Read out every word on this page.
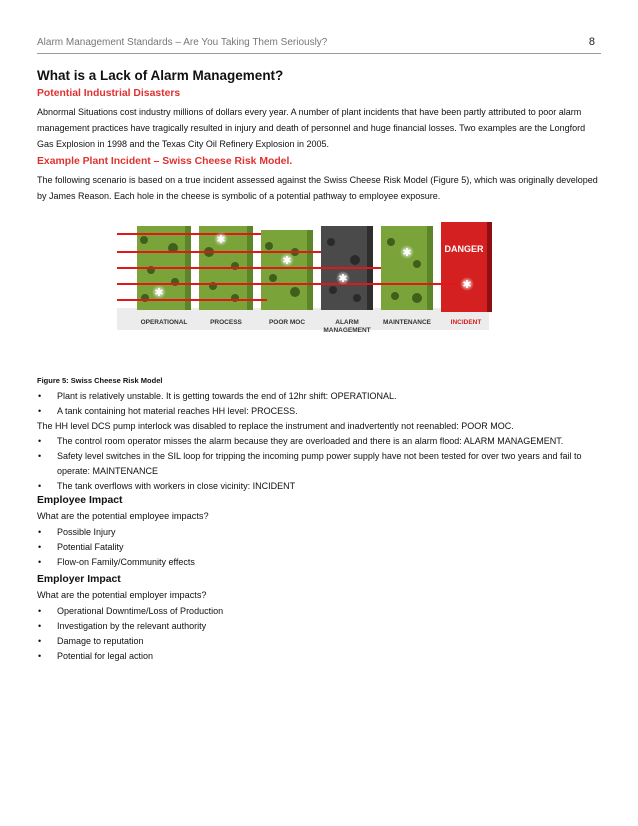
Alarm Management Standards – Are You Taking Them Seriously?	8
What is a Lack of Alarm Management?
Potential Industrial Disasters

Abnormal Situations cost industry millions of dollars every year. A number of plant incidents that have been partly attributed to poor alarm management practices have tragically resulted in injury and death of personnel and huge financial losses. Two examples are the Longford Gas Explosion in 1998 and the Texas City Oil Refinery Explosion in 2005.

Example Plant Incident – Swiss Cheese Risk Model.

The following scenario is based on a true incident assessed against the Swiss Cheese Risk Model (Figure 5), which was originally developed by James Reason. Each hole in the cheese is symbolic of a potential pathway to employee exposure.

DANGER
✱
✱
✱
✱
✱
✱
OPERATIONAL	PROCESS	POOR MOC	ALARM
MANAGEMENT
MAINTENANCE	INCIDENT
Figure 5: Swiss Cheese Risk Model
• Plant is relatively unstable. It is getting towards the end of 12hr shift: OPERATIONAL.
• A tank containing hot material reaches HH level: PROCESS.

The HH level DCS pump interlock was disabled to replace the instrument and inadvertently not reenabled: POOR MOC.

• The control room operator misses the alarm because they are overloaded and there is an alarm flood: ALARM MANAGEMENT.
• Safety level switches in the SIL loop for tripping the incoming pump power supply have not been tested for over two years and fail to operate: MAINTENANCE
• The tank overflows with workers in close vicinity: INCIDENT
Employee Impact
What are the potential employee impacts?
• Possible Injury
• Potential Fatality
• Flow-on Family/Community effects
Employer Impact
What are the potential employer impacts?
• Operational Downtime/Loss of Production
• Investigation by the relevant authority
• Damage to reputation
• Potential for legal action
